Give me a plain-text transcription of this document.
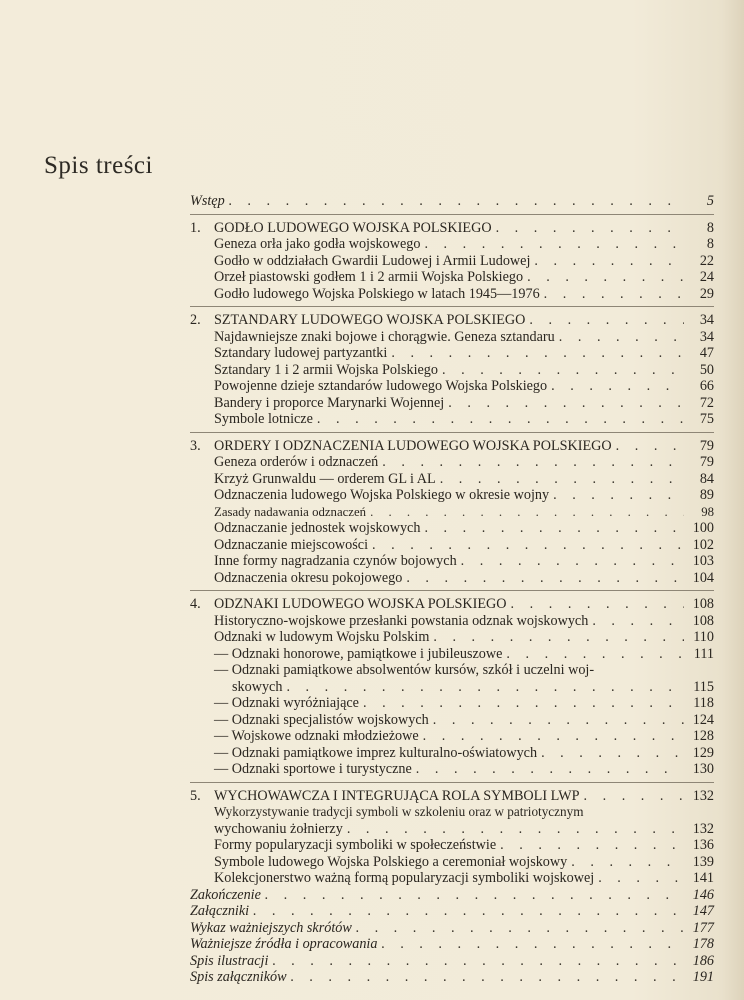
Spis treści
Wstęp . . .	5
1. GODŁO LUDOWEGO WOJSKA POLSKIEGO . . .	8
Geneza orła jako godła wojskowego . . .	8
Godło w oddziałach Gwardii Ludowej i Armii Ludowej . . .	22
Orzeł piastowski godłem 1 i 2 armii Wojska Polskiego . . .	24
Godło ludowego Wojska Polskiego w latach 1945—1976 . . .	29
2. SZTANDARY LUDOWEGO WOJSKA POLSKIEGO . . .	34
Najdawniejsze znaki bojowe i chorągwie. Geneza sztandaru . . .	34
Sztandary ludowej partyzantki . . .	47
Sztandary 1 i 2 armii Wojska Polskiego . . .	50
Powojenne dzieje sztandarów ludowego Wojska Polskiego . . .	66
Bandery i proporce Marynarki Wojennej . . .	72
Symbole lotnicze . . .	75
3. ORDERY I ODZNACZENIA LUDOWEGO WOJSKA POLSKIEGO . . .	79
Geneza orderów i odznaczeń . . .	79
Krzyż Grunwaldu — orderem GL i AL . . .	84
Odznaczenia ludowego Wojska Polskiego w okresie wojny . . .	89
Zasady nadawania odznaczeń . . .	98
Odznaczanie jednostek wojskowych . . .	100
Odznaczanie miejscowości . . .	102
Inne formy nagradzania czynów bojowych . . .	103
Odznaczenia okresu pokojowego . . .	104
4. ODZNAKI LUDOWEGO WOJSKA POLSKIEGO . . .	108
Historyczno-wojskowe przesłanki powstania odznak wojskowych . . .	108
Odznaki w ludowym Wojsku Polskim . . .	110
— Odznaki honorowe, pamiątkowe i jubileuszowe . . .	111
— Odznaki pamiątkowe absolwentów kursów, szkół i uczelni woj-
skowych . . .	115
— Odznaki wyróżniające . . .	118
— Odznaki specjalistów wojskowych . . .	124
— Wojskowe odznaki młodzieżowe . . .	128
— Odznaki pamiątkowe imprez kulturalno-oświatowych . . .	129
— Odznaki sportowe i turystyczne . . .	130
5. WYCHOWAWCZA I INTEGRUJĄCA ROLA SYMBOLI LWP . . .	132
Wykorzystywanie tradycji symboli w szkoleniu oraz w patriotycznym
wychowaniu żołnierzy . . .	132
Formy popularyzacji symboliki w społeczeństwie . . .	136
Symbole ludowego Wojska Polskiego a ceremoniał wojskowy . . .	139
Kolekcjonerstwo ważną formą popularyzacji symboliki wojskowej . . .	141
Zakończenie . . .	146
Załączniki . . .	147
Wykaz ważniejszych skrótów . . .	177
Ważniejsze źródła i opracowania . . .	178
Spis ilustracji . . .	186
Spis załączników . . .	191
